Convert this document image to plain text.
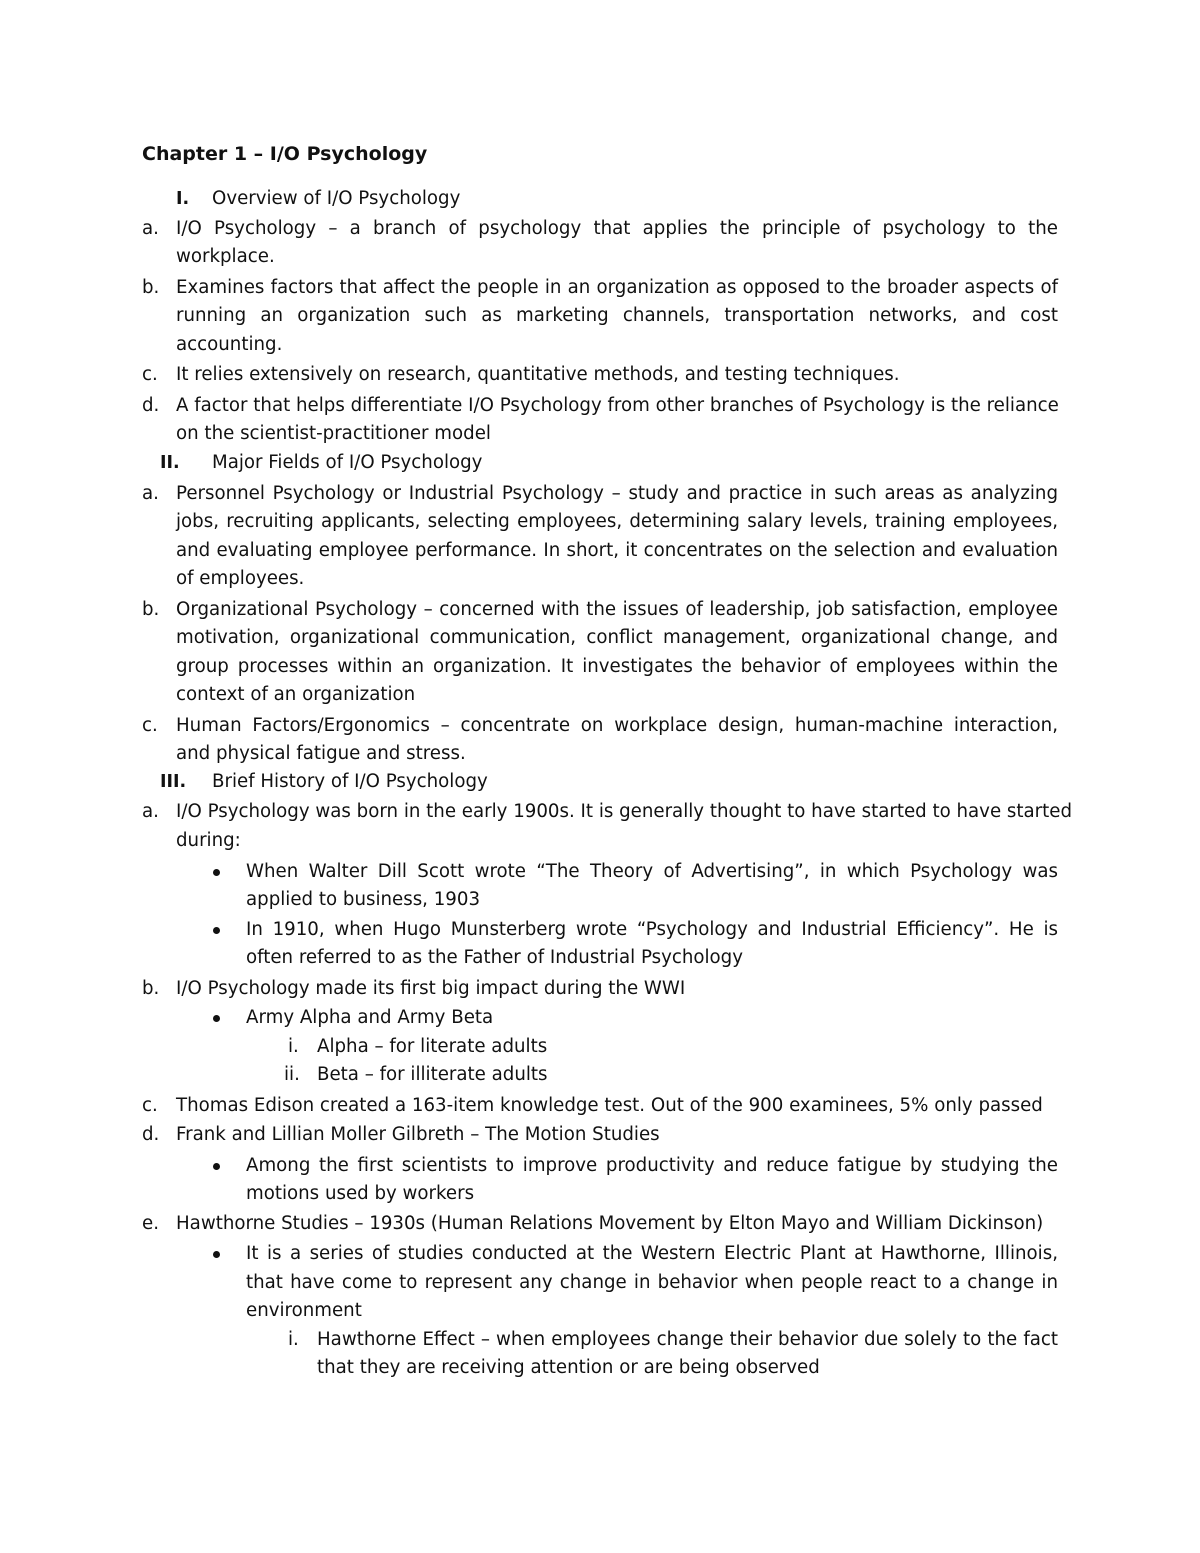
Chapter 1 – I/O Psychology
I. Overview of I/O Psychology
a. I/O Psychology – a branch of psychology that applies the principle of psychology to the
workplace.
b. Examines factors that affect the people in an organization as opposed to the broader aspects of
running an organization such as marketing channels, transportation networks, and cost
accounting.
c. It relies extensively on research, quantitative methods, and testing techniques.
d. A factor that helps differentiate I/O Psychology from other branches of Psychology is the reliance
on the scientist-practitioner model
II. Major Fields of I/O Psychology
a. Personnel Psychology or Industrial Psychology – study and practice in such areas as analyzing
jobs, recruiting applicants, selecting employees, determining salary levels, training employees,
and evaluating employee performance. In short, it concentrates on the selection and evaluation
of employees.
b. Organizational Psychology – concerned with the issues of leadership, job satisfaction, employee
motivation, organizational communication, conflict management, organizational change, and
group processes within an organization. It investigates the behavior of employees within the
context of an organization
c. Human Factors/Ergonomics – concentrate on workplace design, human-machine interaction,
and physical fatigue and stress.
III. Brief History of I/O Psychology
a. I/O Psychology was born in the early 1900s. It is generally thought to have started to have started
during:
When Walter Dill Scott wrote “The Theory of Advertising”, in which Psychology was
applied to business, 1903
In 1910, when Hugo Munsterberg wrote “Psychology and Industrial Efficiency”. He is
often referred to as the Father of Industrial Psychology
b. I/O Psychology made its first big impact during the WWI
Army Alpha and Army Beta
i. Alpha – for literate adults
ii. Beta – for illiterate adults
c. Thomas Edison created a 163-item knowledge test. Out of the 900 examinees, 5% only passed
d. Frank and Lillian Moller Gilbreth – The Motion Studies
Among the first scientists to improve productivity and reduce fatigue by studying the
motions used by workers
e. Hawthorne Studies – 1930s (Human Relations Movement by Elton Mayo and William Dickinson)
It is a series of studies conducted at the Western Electric Plant at Hawthorne, Illinois,
that have come to represent any change in behavior when people react to a change in
environment
i. Hawthorne Effect – when employees change their behavior due solely to the fact
that they are receiving attention or are being observed
